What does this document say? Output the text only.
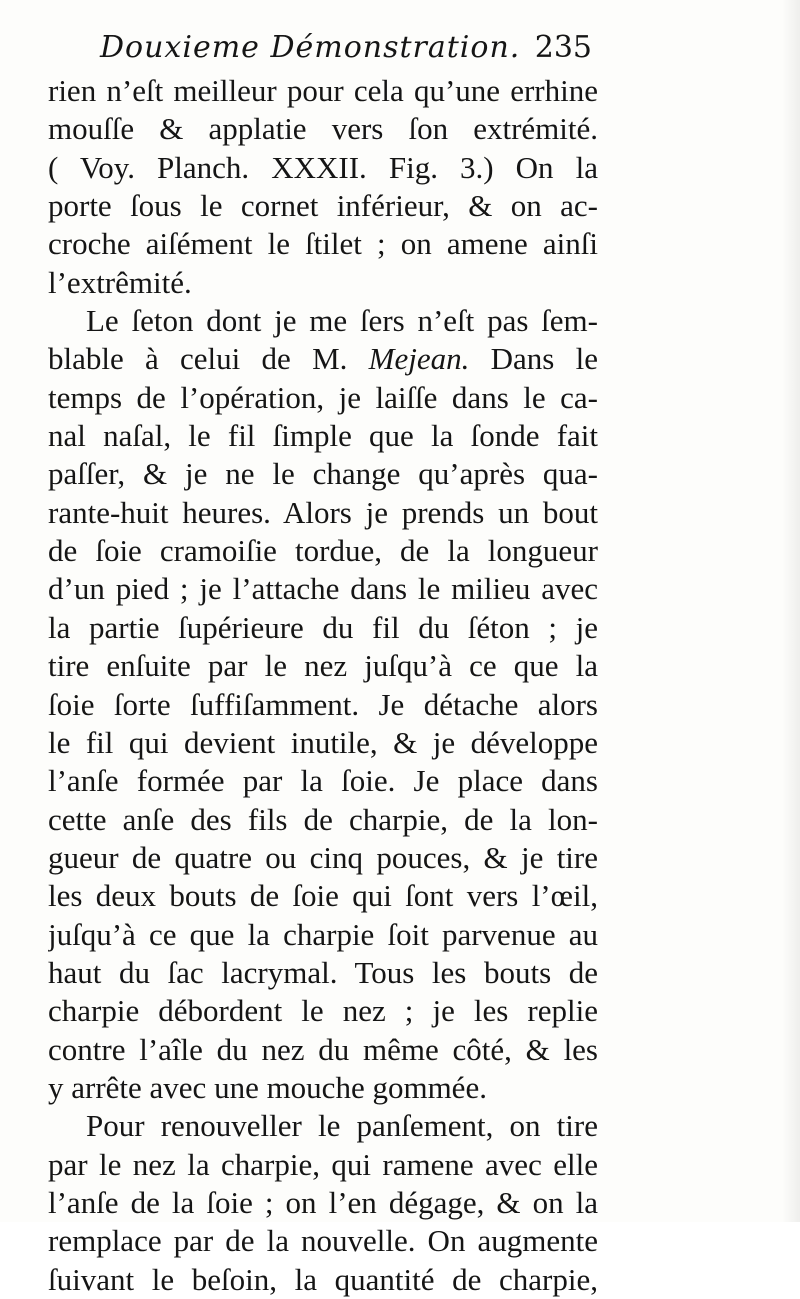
Douxieme Démonstration. 235
rien n’eſt meilleur pour cela qu’une errhine
mouſſe & applatie vers ſon extrémité.
( Voy. Planch. XXXII. Fig. 3.) On la
porte ſous le cornet inférieur, & on ac-
croche aiſément le ſtilet ; on amene ainſi
l’extrêmité.
Le ſeton dont je me ſers n’eſt pas ſem-
blable à celui de M. Mejean. Dans le
temps de l’opération, je laiſſe dans le ca-
nal naſal, le fil ſimple que la ſonde fait
paſſer, & je ne le change qu’après qua-
rante-huit heures. Alors je prends un bout
de ſoie cramoiſie tordue, de la longueur
d’un pied ; je l’attache dans le milieu avec
la partie ſupérieure du fil du ſéton ; je
tire enſuite par le nez juſqu’à ce que la
ſoie ſorte ſuffiſamment. Je détache alors
le fil qui devient inutile, & je développe
l’anſe formée par la ſoie. Je place dans
cette anſe des fils de charpie, de la lon-
gueur de quatre ou cinq pouces, & je tire
les deux bouts de ſoie qui ſont vers l’œil,
juſqu’à ce que la charpie ſoit parvenue au
haut du ſac lacrymal. Tous les bouts de
charpie débordent le nez ; je les replie
contre l’aîle du nez du même côté, & les
y arrête avec une mouche gommée.
Pour renouveller le panſement, on tire
par le nez la charpie, qui ramene avec elle
l’anſe de la ſoie ; on l’en dégage, & on la
remplace par de la nouvelle. On augmente
ſuivant le beſoin, la quantité de charpie,
